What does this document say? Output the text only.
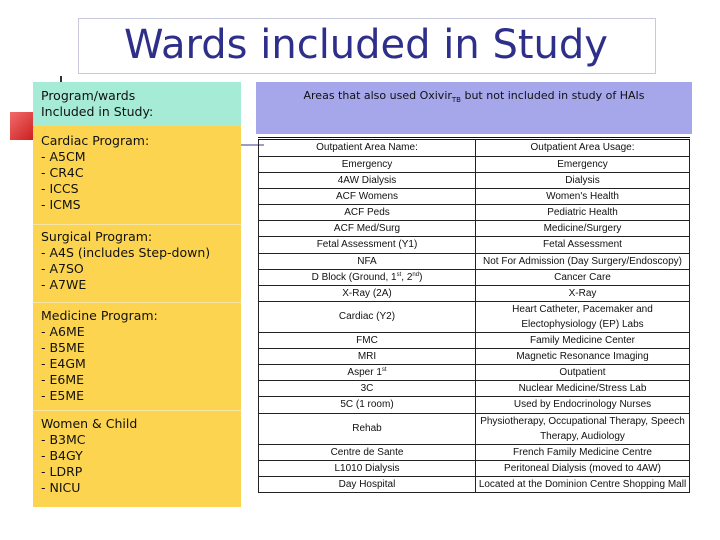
Wards included in Study
Program/wards
Included in Study:
Cardiac Program:
- A5CM
- CR4C
- ICCS
- ICMS
Surgical Program:
- A4S (includes Step-down)
- A7SO
- A7WE
Medicine Program:
- A6ME
- B5ME
- E4GM
- E6ME
- E5ME
Women & Child
- B3MC
- B4GY
- LDRP
- NICU
Areas that also used Oxivir$_{TB}$ but not included in study of HAIs
Outpatient Area Name:	Outpatient Area Usage:
Emergency	Emergency
4AW Dialysis	Dialysis
ACF Womens	Women's Health
ACF Peds	Pediatric Health
ACF Med/Surg	Medicine/Surgery
Fetal Assessment (Y1)	Fetal Assessment
NFA	Not For Admission (Day Surgery/Endoscopy)
D Block (Ground, 1st, 2nd)	Cancer Care
X-Ray (2A)	X-Ray
Cardiac (Y2)	Heart Catheter, Pacemaker and Electophysiology (EP) Labs
FMC	Family Medicine Center
MRI	Magnetic Resonance Imaging
Asper 1st	Outpatient
3C	Nuclear Medicine/Stress Lab
5C (1 room)	Used by Endocrinology Nurses
Rehab	Physiotherapy, Occupational Therapy, Speech Therapy, Audiology
Centre de Sante	French Family Medicine Centre
L1010 Dialysis	Peritoneal Dialysis (moved to 4AW)
Day Hospital	Located at the Dominion Centre Shopping Mall
